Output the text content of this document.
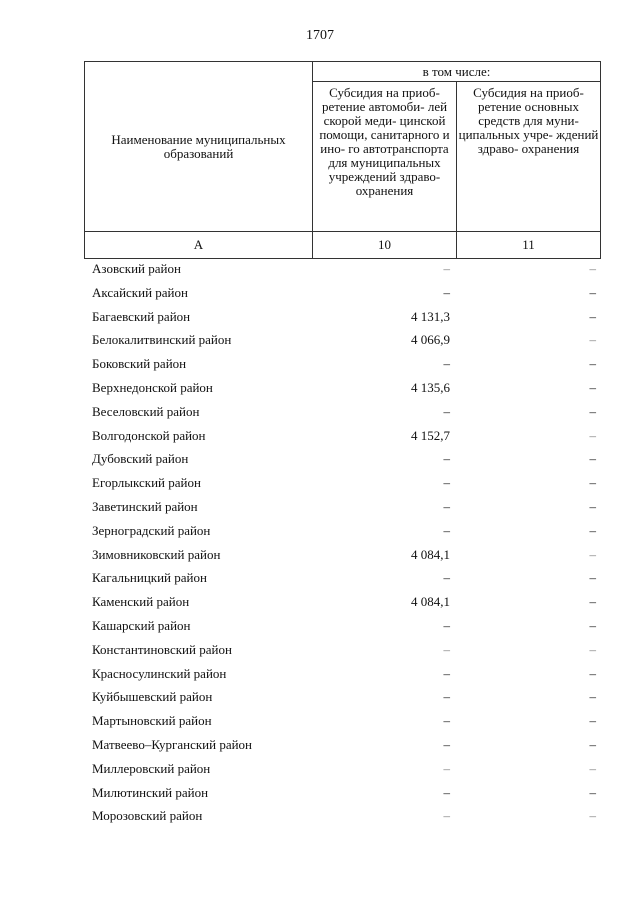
1707
Наименование муниципальных образований	в том числе:	
	Субсидия на приоб- ретение автомоби- лей скорой меди- цинской помощи, санитарного и ино- го автотранспорта для муниципальных учреждений здраво- охранения	Субсидия на приоб- ретение основных средств для муни- ципальных учре- ждений здраво- охранения
А	10	11
Азовский район	–	–
Аксайский район	–	–
Багаевский район	4 131,3	–
Белокалитвинский район	4 066,9	–
Боковский район	–	–
Верхнедонской район	4 135,6	–
Веселовский район	–	–
Волгодонской район	4 152,7	–
Дубовский район	–	–
Егорлыкский район	–	–
Заветинский район	–	–
Зерноградский район	–	–
Зимовниковский район	4 084,1	–
Кагальницкий район	–	–
Каменский район	4 084,1	–
Кашарский район	–	–
Константиновский район	–	–
Красносулинский район	–	–
Куйбышевский район	–	–
Мартыновский район	–	–
Матвеево–Курганский район	–	–
Миллеровский район	–	–
Милютинский район	–	–
Морозовский район	–	–
